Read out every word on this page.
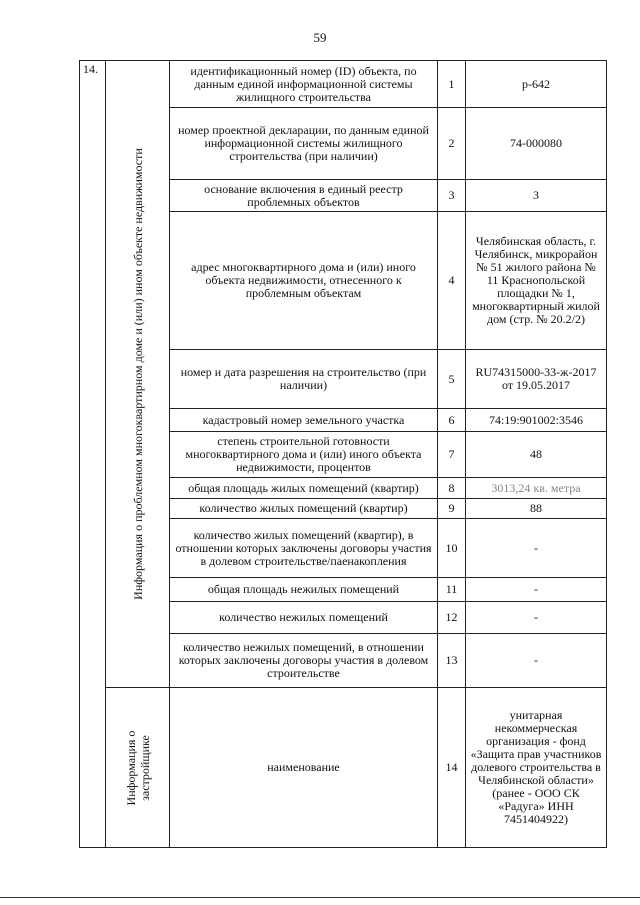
59
14.	Информация о проблемном многоквартирном доме и (или) ином объекте недвижимости	идентификационный номер (ID) объекта, по данным единой информационной системы жилищного строительства	1	р-642
		номер проектной декларации, по данным единой информационной системы жилищного строительства (при наличии)	2	74-000080
		основание включения в единый реестр проблемных объектов	3	3
		адрес многоквартирного дома и (или) иного объекта недвижимости, отнесенного к проблемным объектам	4	Челябинская область, г. Челябинск, микрорайон № 51 жилого района № 11 Краснопольской площадки № 1, многоквартирный жилой дом (стр. № 20.2/2)
		номер и дата разрешения на строительство (при наличии)	5	RU74315000-33-ж-2017 от 19.05.2017
		кадастровый номер земельного участка	6	74:19:901002:3546
		степень строительной готовности многоквартирного дома и (или) иного объекта недвижимости, процентов	7	48
		общая площадь жилых помещений (квартир)	8	3013,24 кв. метра
		количество жилых помещений (квартир)	9	88
		количество жилых помещений (квартир), в отношении которых заключены договоры участия в долевом строительстве/паенакопления	10	-
		общая площадь нежилых помещений	11	-
		количество нежилых помещений	12	-
		количество нежилых помещений, в отношении которых заключены договоры участия в долевом строительстве	13	-

	Информация о застройщике	наименование	14	унитарная некоммерческая организация - фонд «Защита прав участников долевого строительства в Челябинской области» (ранее - ООО СК «Радуга» ИНН 7451404922)
